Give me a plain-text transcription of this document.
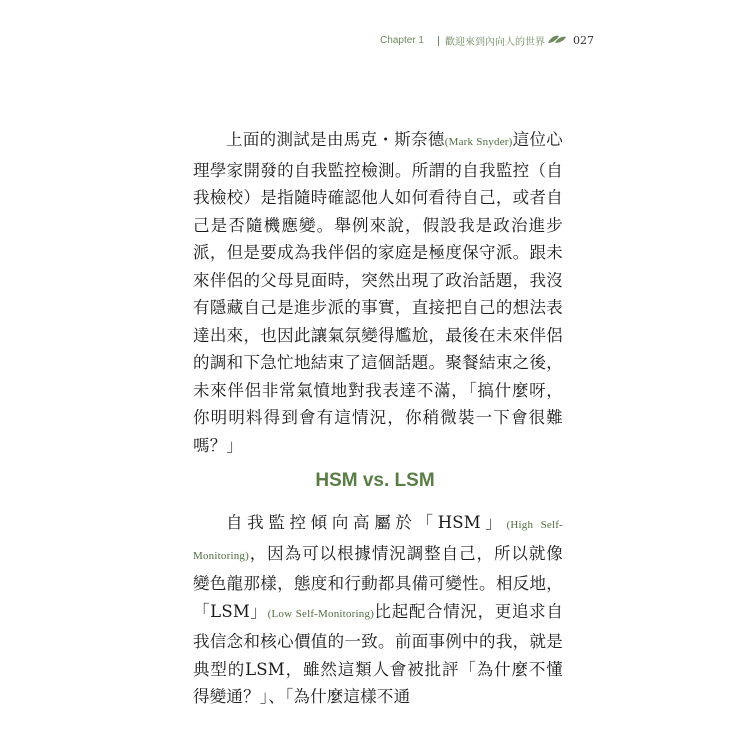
Chapter 1 歡迎來到內向人的世界	027

上面的測試是由馬克・斯奈德(Mark Snyder)這位心理學家開發的自我監控檢測。所謂的自我監控（自我檢校）是指隨時確認他人如何看待自己，或者自己是否隨機應變。舉例來說，假設我是政治進步派，但是要成為我伴侶的家庭是極度保守派。跟未來伴侶的父母見面時，突然出現了政治話題，我沒有隱藏自己是進步派的事實，直接把自己的想法表達出來，也因此讓氣氛變得尷尬，最後在未來伴侶的調和下急忙地結束了這個話題。聚餐結束之後，未來伴侶非常氣憤地對我表達不滿，「搞什麼呀，你明明料得到會有這情況，你稍微裝一下會很難嗎？」

HSM vs. LSM

自我監控傾向高屬於「HSM」(High Self-Monitoring)，因為可以根據情況調整自己，所以就像變色龍那樣，態度和行動都具備可變性。相反地，「LSM」(Low Self-Monitoring)比起配合情況，更追求自我信念和核心價值的一致。前面事例中的我，就是典型的LSM，雖然這類人會被批評「為什麼不懂得變通？」、「為什麼這樣不通
